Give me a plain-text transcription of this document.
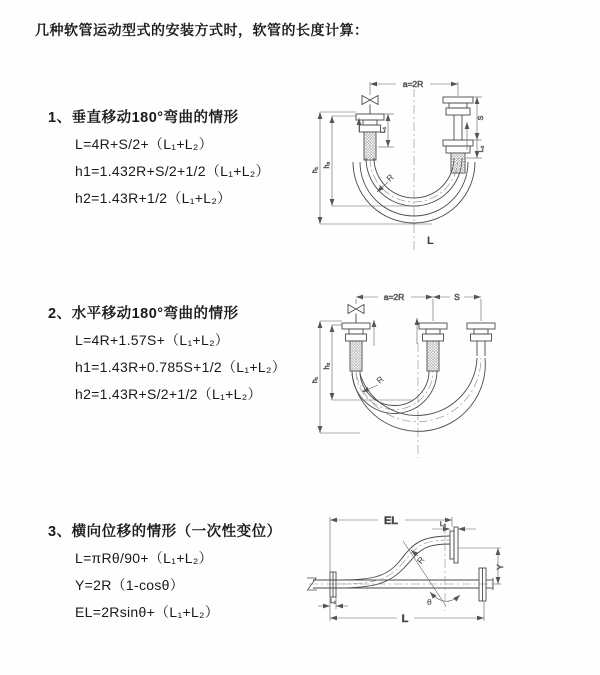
几种软管运动型式的安装方式时，软管的长度计算：
1、垂直移动180°弯曲的情形
L=4R+S/2+（L₁+L₂）
h1=1.432R+S/2+1/2（L₁+L₂）
h2=1.43R+1/2（L₁+L₂）
2、水平移动180°弯曲的情形
L=4R+1.57S+（L₁+L₂）
h1=1.43R+0.785S+1/2（L₁+L₂）
h2=1.43R+S/2+1/2（L₁+L₂）
3、横向位移的情形（一次性变位）
L=πRθ/90+（L₁+L₂）
Y=2R（1-cosθ）
EL=2Rsinθ+（L₁+L₂）
a=2R
L₁
S
L₂
h₁
h₂
R
L
a=2R	S
h₁
h₂
R
θ
EL	L₂
Y
L₁
L
R
